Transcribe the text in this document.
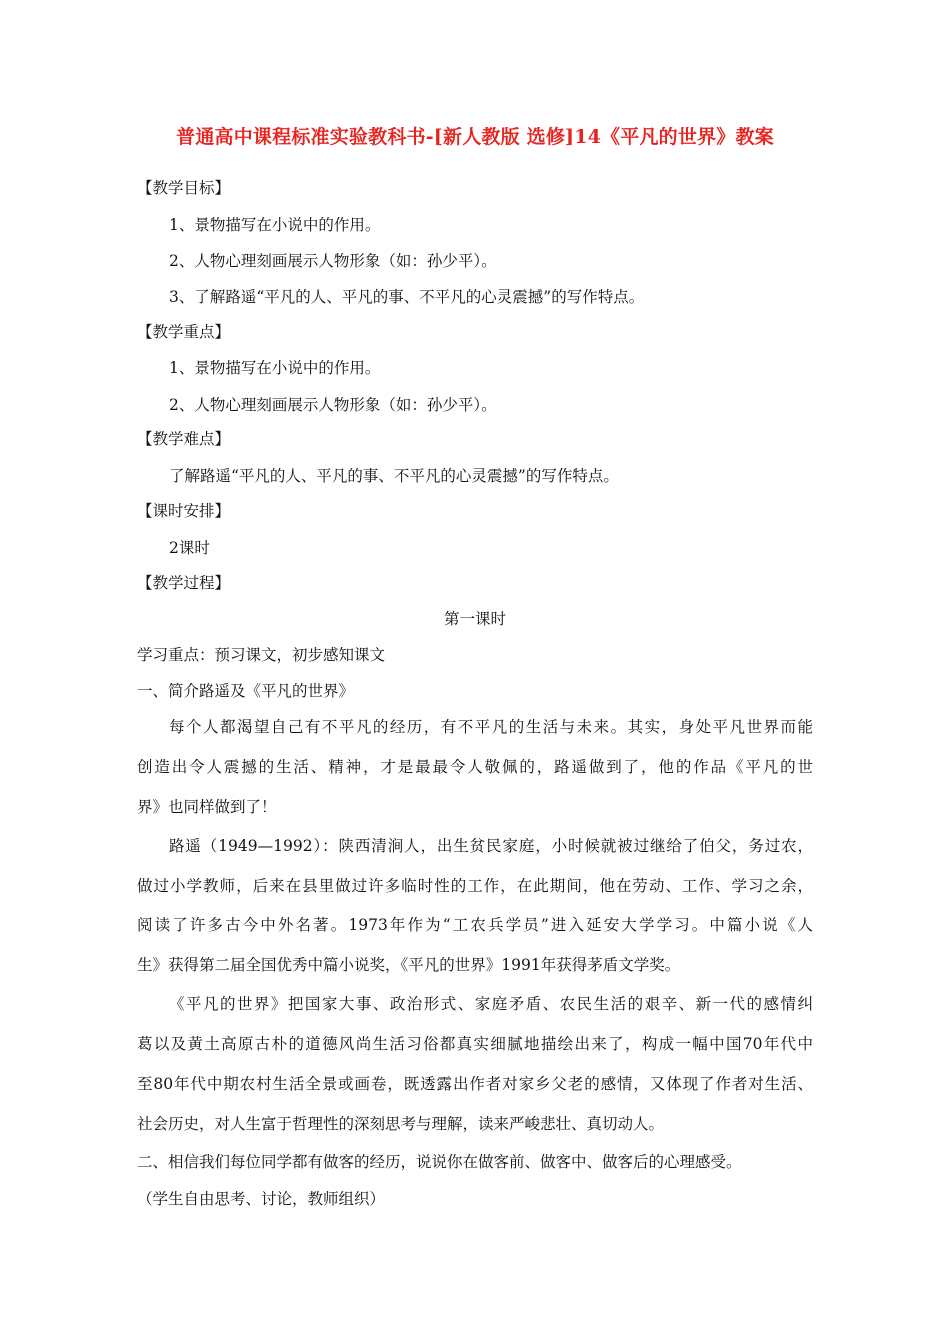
普通高中课程标准实验教科书-[新人教版 选修]14《平凡的世界》教案
【教学目标】
1、景物描写在小说中的作用。
2、人物心理刻画展示人物形象（如：孙少平）。
3、了解路遥“平凡的人、平凡的事、不平凡的心灵震撼”的写作特点。
【教学重点】
1、景物描写在小说中的作用。
2、人物心理刻画展示人物形象（如：孙少平）。
【教学难点】
了解路遥“平凡的人、平凡的事、不平凡的心灵震撼”的写作特点。
【课时安排】
2课时
【教学过程】
第一课时
学习重点：预习课文，初步感知课文
一、简介路遥及《平凡的世界》
每个人都渴望自己有不平凡的经历，有不平凡的生活与未来。其实，身处平凡世界而能
创造出令人震撼的生活、精神，才是最最令人敬佩的，路遥做到了，他的作品《平凡的世
界》也同样做到了！
路遥（1949—1992）：陕西清涧人，出生贫民家庭，小时候就被过继给了伯父，务过农，
做过小学教师，后来在县里做过许多临时性的工作，在此期间，他在劳动、工作、学习之余，
阅读了许多古今中外名著。1973年作为“工农兵学员”进入延安大学学习。中篇小说《人
生》获得第二届全国优秀中篇小说奖，《平凡的世界》1991年获得茅盾文学奖。
《平凡的世界》把国家大事、政治形式、家庭矛盾、农民生活的艰辛、新一代的感情纠
葛以及黄土高原古朴的道德风尚生活习俗都真实细腻地描绘出来了，构成一幅中国70年代中
至80年代中期农村生活全景或画卷，既透露出作者对家乡父老的感情，又体现了作者对生活、
社会历史，对人生富于哲理性的深刻思考与理解，读来严峻悲壮、真切动人。
二、相信我们每位同学都有做客的经历，说说你在做客前、做客中、做客后的心理感受。
（学生自由思考、讨论，教师组织）
